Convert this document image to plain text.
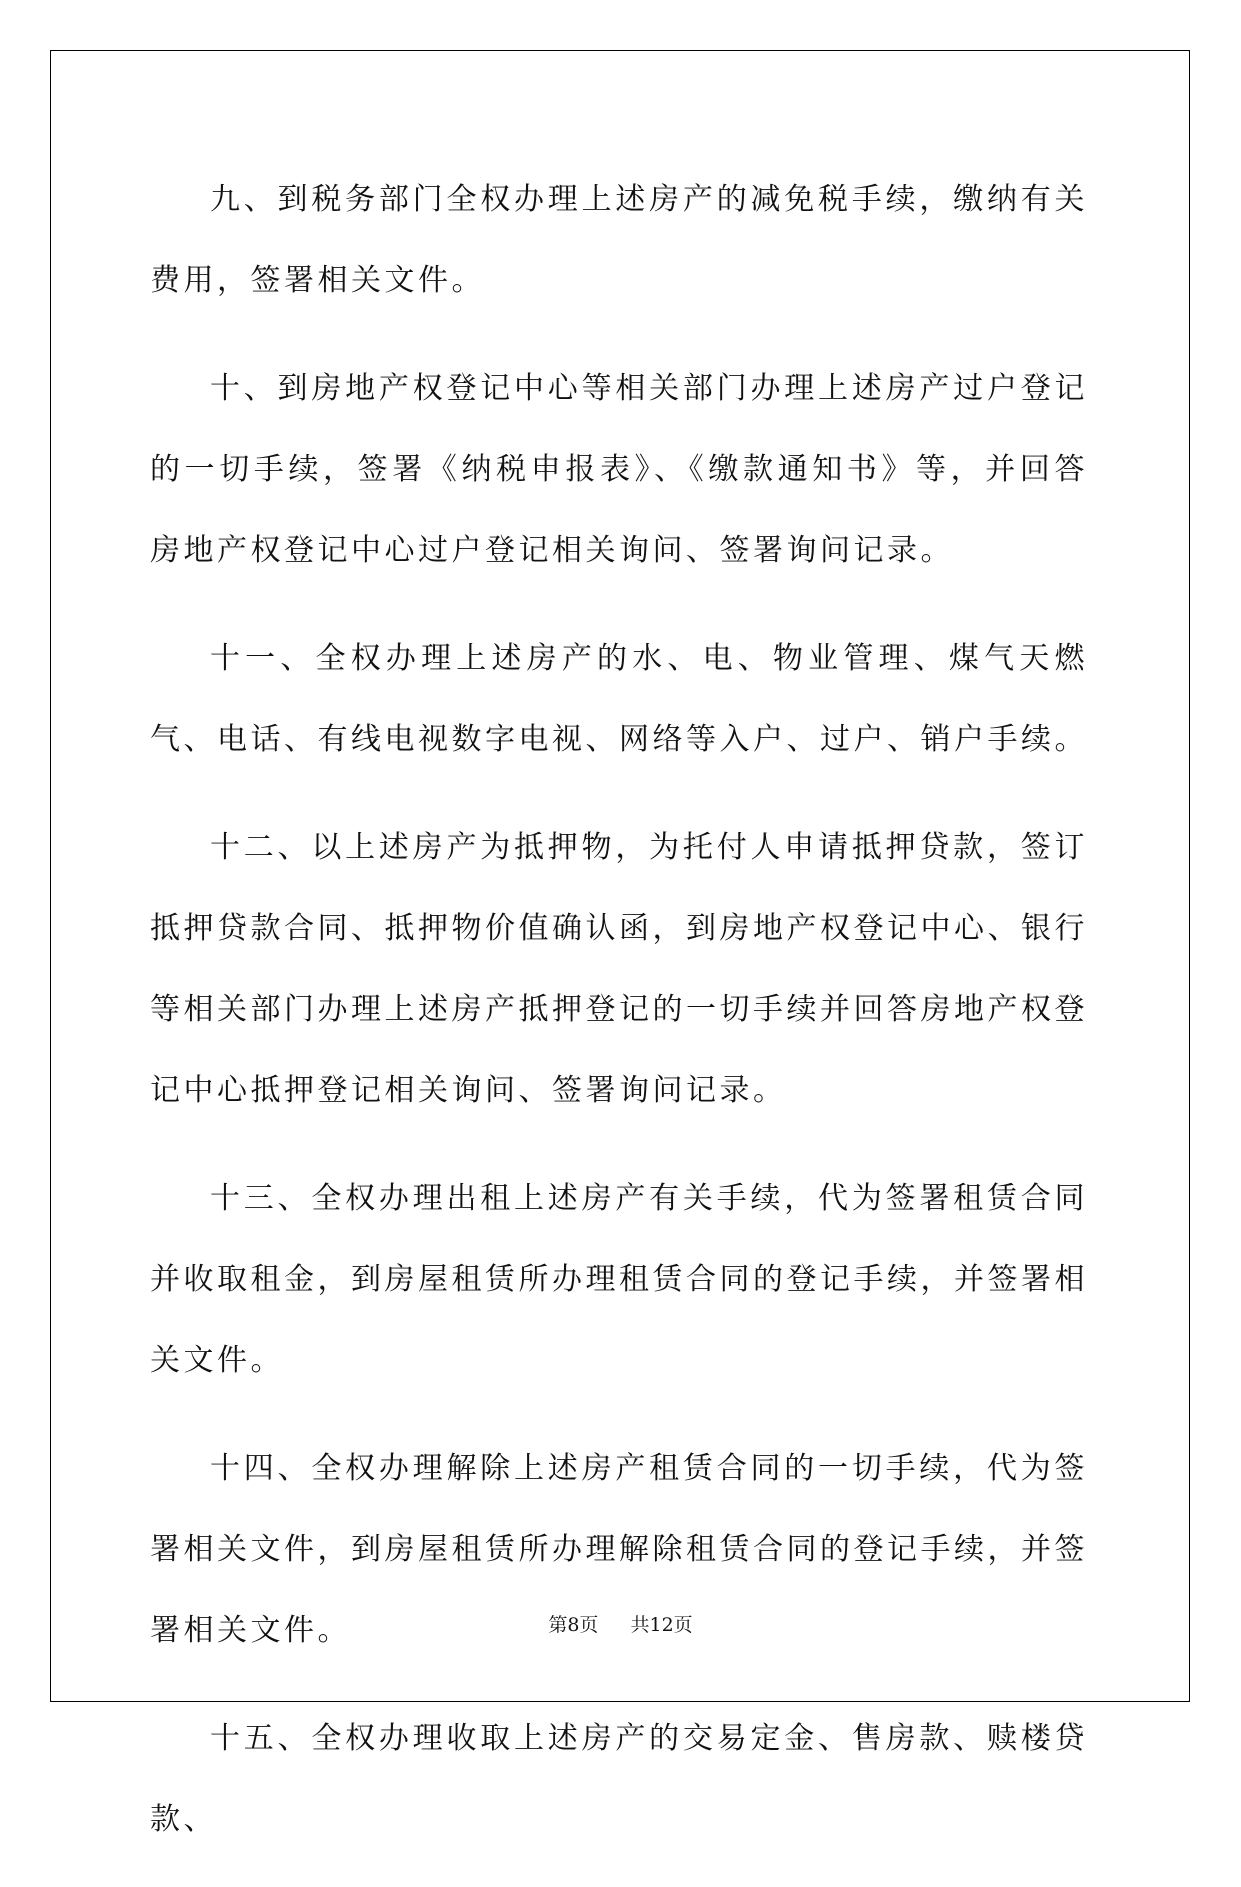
九、到税务部门全权办理上述房产的减免税手续，缴纳有关费用，签署相关文件。

十、到房地产权登记中心等相关部门办理上述房产过户登记的一切手续，签署《纳税申报表》、《缴款通知书》等，并回答房地产权登记中心过户登记相关询问、签署询问记录。

十一、全权办理上述房产的水、电、物业管理、煤气天燃气、电话、有线电视数字电视、网络等入户、过户、销户手续。

十二、以上述房产为抵押物，为托付人申请抵押贷款，签订抵押贷款合同、抵押物价值确认函，到房地产权登记中心、银行等相关部门办理上述房产抵押登记的一切手续并回答房地产权登记中心抵押登记相关询问、签署询问记录。

十三、全权办理出租上述房产有关手续，代为签署租赁合同并收取租金，到房屋租赁所办理租赁合同的登记手续，并签署相关文件。

十四、全权办理解除上述房产租赁合同的一切手续，代为签署相关文件，到房屋租赁所办理解除租赁合同的登记手续，并签署相关文件。

十五、全权办理收取上述房产的交易定金、售房款、赎楼贷款、

第8页 共12页
